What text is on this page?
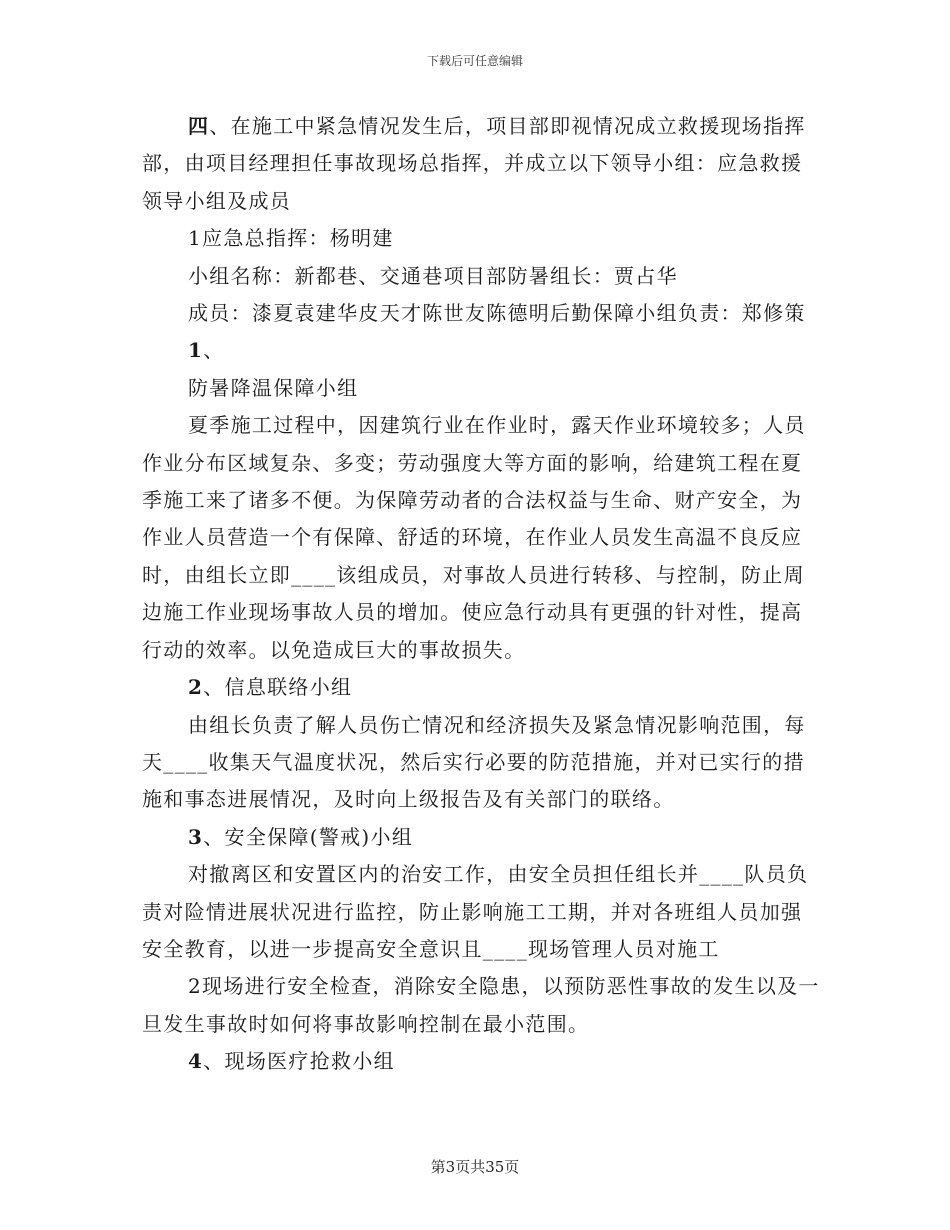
下载后可任意编辑

四、在施工中紧急情况发生后，项目部即视情况成立救援现场指挥部，由项目经理担任事故现场总指挥，并成立以下领导小组：应急救援领导小组及成员

1应急总指挥：杨明建

小组名称：新都巷、交通巷项目部防暑组长：贾占华

成员：漆夏袁建华皮天才陈世友陈德明后勤保障小组负责：郑修策

1、

防暑降温保障小组

夏季施工过程中，因建筑行业在作业时，露天作业环境较多；人员作业分布区域复杂、多变；劳动强度大等方面的影响，给建筑工程在夏季施工来了诸多不便。为保障劳动者的合法权益与生命、财产安全，为作业人员营造一个有保障、舒适的环境，在作业人员发生高温不良反应时，由组长立即____该组成员，对事故人员进行转移、与控制，防止周边施工作业现场事故人员的增加。使应急行动具有更强的针对性，提高行动的效率。以免造成巨大的事故损失。

2、信息联络小组

由组长负责了解人员伤亡情况和经济损失及紧急情况影响范围，每天____收集天气温度状况，然后实行必要的防范措施，并对已实行的措施和事态进展情况，及时向上级报告及有关部门的联络。

3、安全保障(警戒)小组

对撤离区和安置区内的治安工作，由安全员担任组长并____队员负责对险情进展状况进行监控，防止影响施工工期，并对各班组人员加强安全教育，以进一步提高安全意识且____现场管理人员对施工

2现场进行安全检查，消除安全隐患，以预防恶性事故的发生以及一旦发生事故时如何将事故影响控制在最小范围。

4、现场医疗抢救小组

第3页共35页
